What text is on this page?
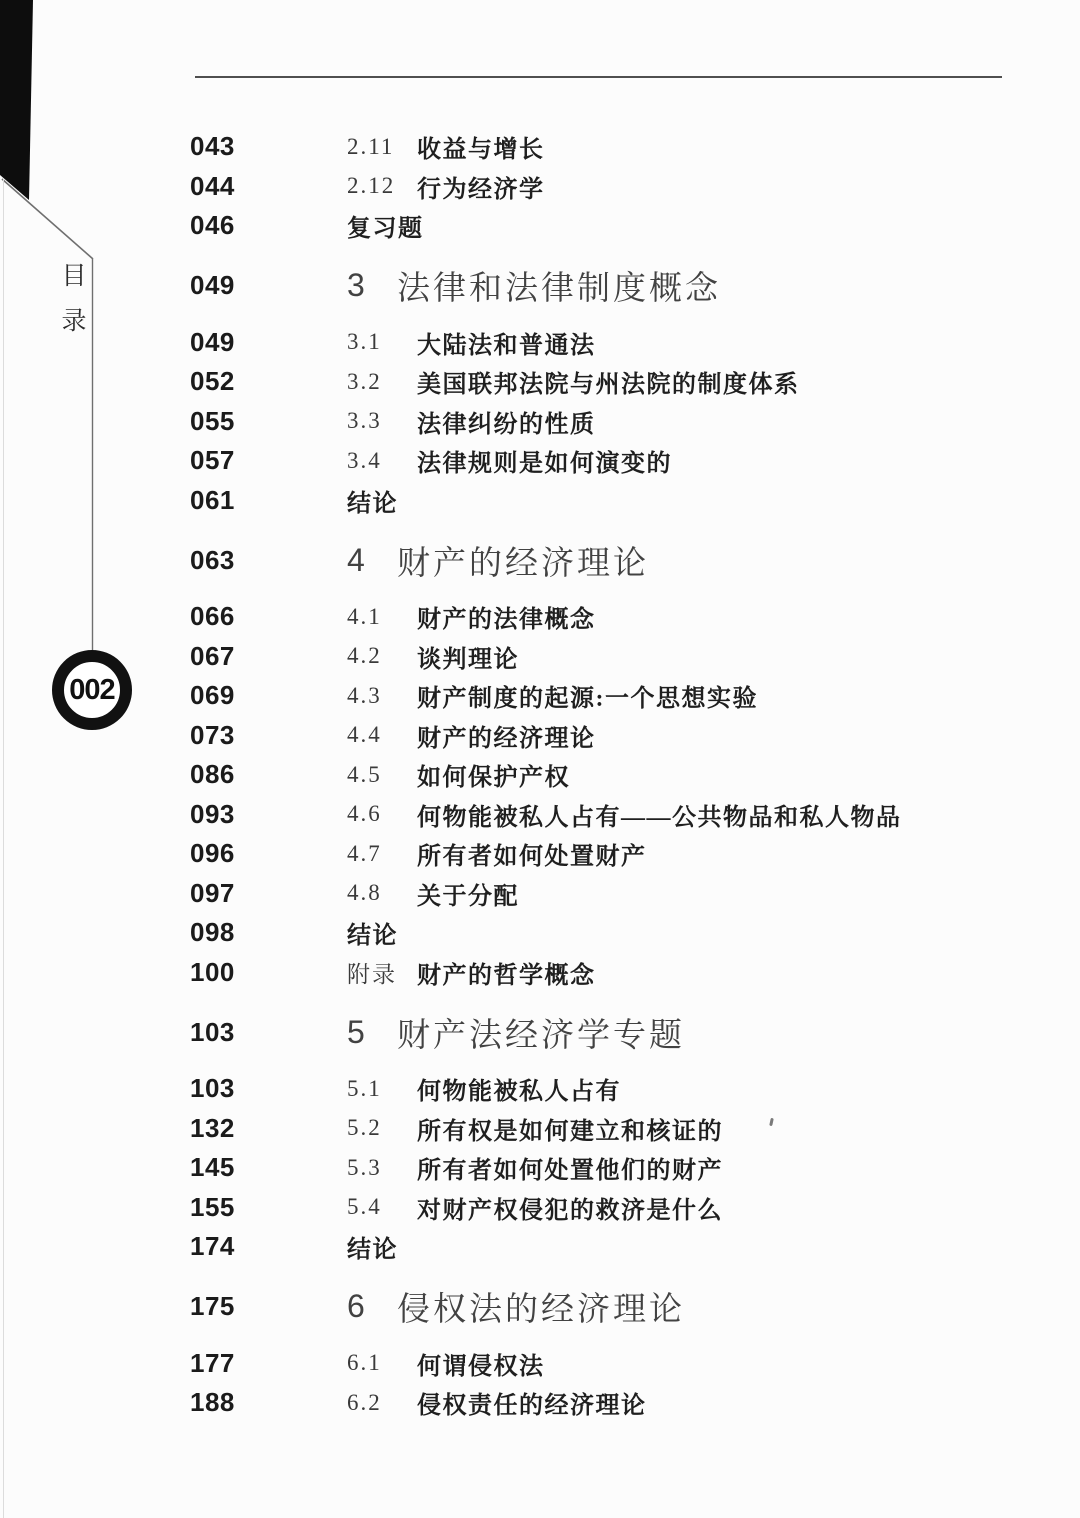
目
录
002
043	2.11 收益与增长
044	2.12 行为经济学
046	复习题
049	3 法律和法律制度概念
049	3.1	大陆法和普通法
052	3.2	美国联邦法院与州法院的制度体系
055	3.3	法律纠纷的性质
057	3.4	法律规则是如何演变的
061	结论
063	4 财产的经济理论
066	4.1	财产的法律概念
067	4.2	谈判理论
069	4.3	财产制度的起源:一个思想实验
073	4.4	财产的经济理论
086	4.5	如何保护产权
093	4.6	何物能被私人占有——公共物品和私人物品
096	4.7	所有者如何处置财产
097	4.8	关于分配
098	结论
100	附录 财产的哲学概念
103	5 财产法经济学专题
103	5.1	何物能被私人占有
132	5.2	所有权是如何建立和核证的
145	5.3	所有者如何处置他们的财产
155	5.4	对财产权侵犯的救济是什么
174	结论
175	6 侵权法的经济理论
177	6.1	何谓侵权法
188	6.2	侵权责任的经济理论
